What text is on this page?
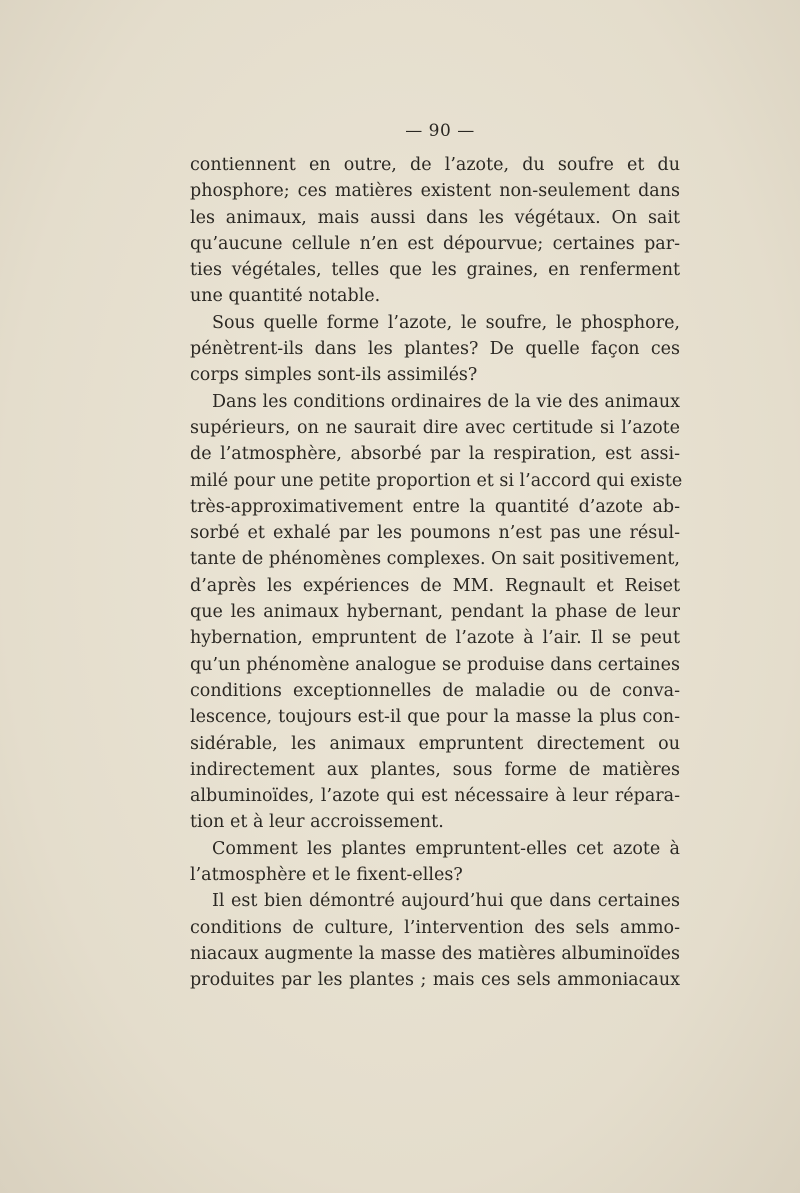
— 90 —
contiennent en outre, de l’azote, du soufre et du
phosphore; ces matières existent non-seulement dans
les animaux, mais aussi dans les végétaux. On sait
qu’aucune cellule n’en est dépourvue; certaines par-
ties végétales, telles que les graines, en renferment
une quantité notable.
Sous quelle forme l’azote, le soufre, le phosphore,
pénètrent-ils dans les plantes? De quelle façon ces
corps simples sont-ils assimilés?
Dans les conditions ordinaires de la vie des animaux
supérieurs, on ne saurait dire avec certitude si l’azote
de l’atmosphère, absorbé par la respiration, est assi-
milé pour une petite proportion et si l’accord qui existe
très-approximativement entre la quantité d’azote ab-
sorbé et exhalé par les poumons n’est pas une résul-
tante de phénomènes complexes. On sait positivement,
d’après les expériences de MM. Regnault et Reiset
que les animaux hybernant, pendant la phase de leur
hybernation, empruntent de l’azote à l’air. Il se peut
qu’un phénomène analogue se produise dans certaines
conditions exceptionnelles de maladie ou de conva-
lescence, toujours est-il que pour la masse la plus con-
sidérable, les animaux empruntent directement ou
indirectement aux plantes, sous forme de matières
albuminoïdes, l’azote qui est nécessaire à leur répara-
tion et à leur accroissement.
Comment les plantes empruntent-elles cet azote à
l’atmosphère et le fixent-elles?
Il est bien démontré aujourd’hui que dans certaines
conditions de culture, l’intervention des sels ammo-
niacaux augmente la masse des matières albuminoïdes
produites par les plantes ; mais ces sels ammoniacaux
